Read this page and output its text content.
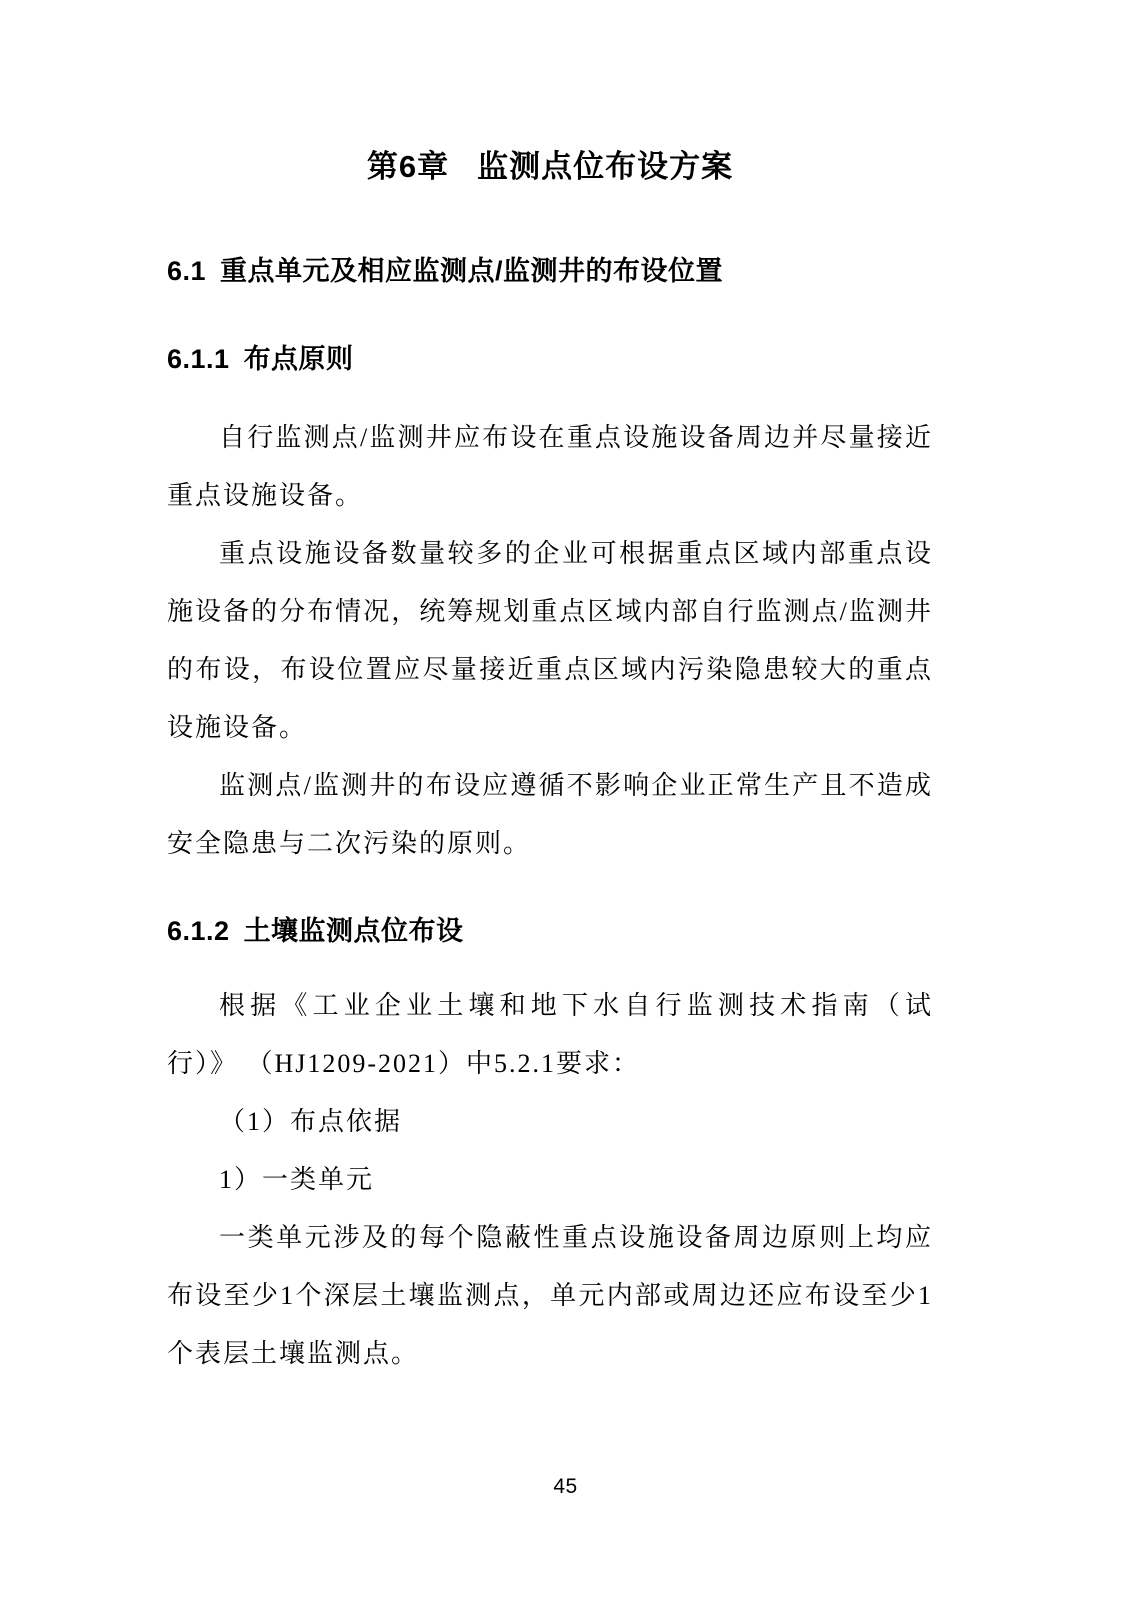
第6章 监测点位布设方案
6.1 重点单元及相应监测点/监测井的布设位置
6.1.1 布点原则

自行监测点/监测井应布设在重点设施设备周边并尽量接近重点设施设备。

重点设施设备数量较多的企业可根据重点区域内部重点设施设备的分布情况，统筹规划重点区域内部自行监测点/监测井的布设，布设位置应尽量接近重点区域内污染隐患较大的重点设施设备。

监测点/监测井的布设应遵循不影响企业正常生产且不造成安全隐患与二次污染的原则。

6.1.2 土壤监测点位布设

根据《工业企业土壤和地下水自行监测技术指南（试行）》 （HJ1209-2021）中5.2.1要求：

（1）布点依据

1）一类单元

一类单元涉及的每个隐蔽性重点设施设备周边原则上均应布设至少1个深层土壤监测点，单元内部或周边还应布设至少1个表层土壤监测点。

45
